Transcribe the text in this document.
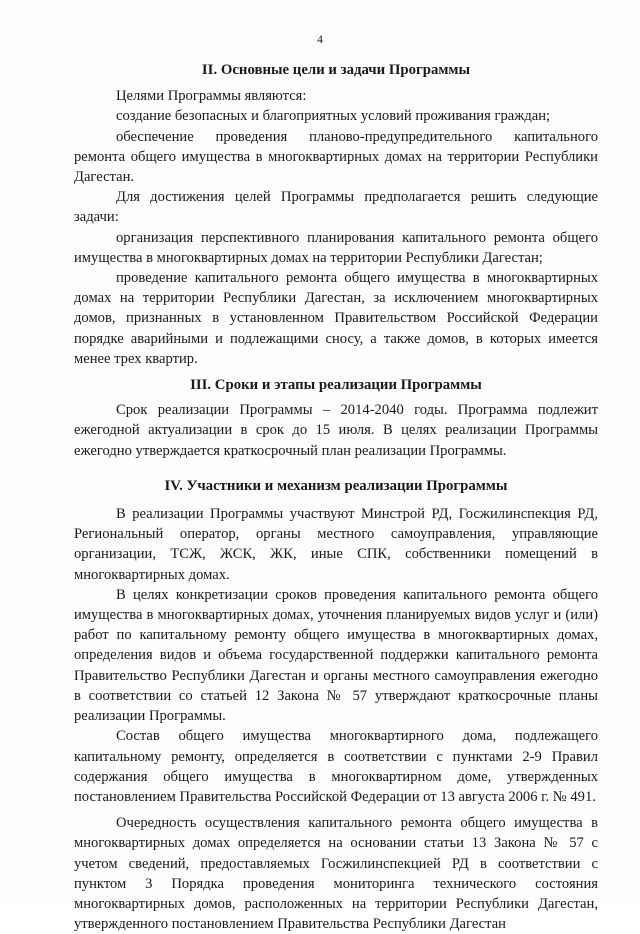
4
II. Основные цели и задачи Программы

Целями Программы являются:

создание безопасных и благоприятных условий проживания граждан;

обеспечение проведения планово-предупредительного капитального ремонта общего имущества в многоквартирных домах на территории Республики Дагестан.

Для достижения целей Программы предполагается решить следующие задачи:

организация перспективного планирования капитального ремонта общего имущества в многоквартирных домах на территории Республики Дагестан;

проведение капитального ремонта общего имущества в многоквартирных домах на территории Республики Дагестан, за исключением многоквартирных домов, признанных в установленном Правительством Российской Федерации порядке аварийными и подлежащими сносу, а также домов, в которых имеется менее трех квартир.

III. Сроки и этапы реализации Программы

Срок реализации Программы – 2014-2040 годы. Программа подлежит ежегодной актуализации в срок до 15 июля. В целях реализации Программы ежегодно утверждается краткосрочный план реализации Программы.

IV. Участники и механизм реализации Программы

В реализации Программы участвуют Минстрой РД, Госжилинспекция РД, Региональный оператор, органы местного самоуправления, управляющие организации, ТСЖ, ЖСК, ЖК, иные СПК, собственники помещений в многоквартирных домах.

В целях конкретизации сроков проведения капитального ремонта общего имущества в многоквартирных домах, уточнения планируемых видов услуг и (или) работ по капитальному ремонту общего имущества в многоквартирных домах, определения видов и объема государственной поддержки капитального ремонта Правительство Республики Дагестан и органы местного самоуправления ежегодно в соответствии со статьей 12 Закона № 57 утверждают краткосрочные планы реализации Программы.

Состав общего имущества многоквартирного дома, подлежащего капитальному ремонту, определяется в соответствии с пунктами 2-9 Правил содержания общего имущества в многоквартирном доме, утвержденных постановлением Правительства Российской Федерации от 13 августа 2006 г. № 491.

Очередность осуществления капитального ремонта общего имущества в многоквартирных домах определяется на основании статьи 13 Закона № 57 с учетом сведений, предоставляемых Госжилинспекцией РД в соответствии с пунктом 3 Порядка проведения мониторинга технического состояния многоквартирных домов, расположенных на территории Республики Дагестан, утвержденного постановлением Правительства Республики Дагестан
